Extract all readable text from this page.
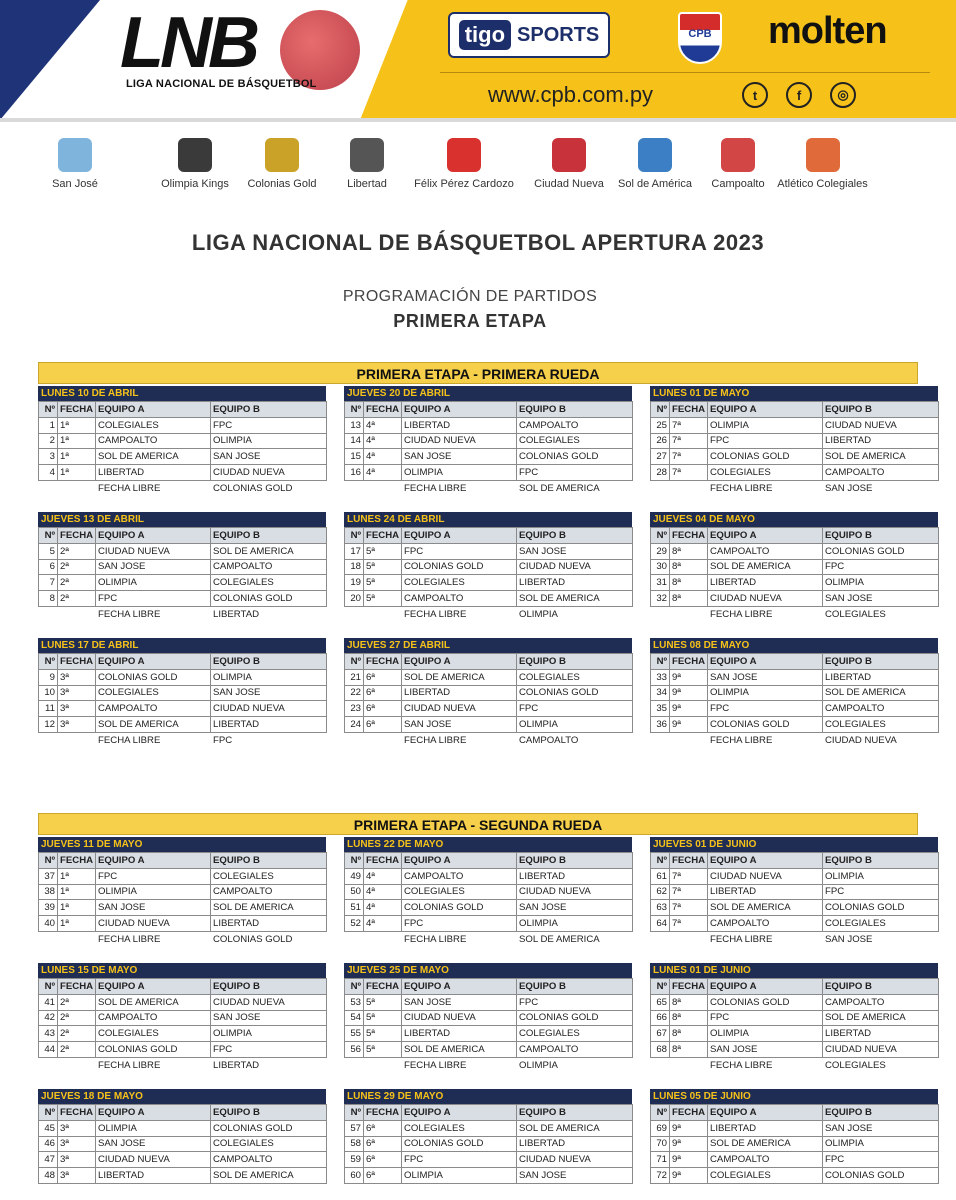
LNB
LIGA NACIONAL DE BÁSQUETBOL
tigo SPORTS	CPB molten
www.cpb.com.py	t	f	◎
San José	Olimpia Kings Colonias Gold	Libertad Félix Pérez Cardozo Ciudad Nueva Sol de América Campoalto Atlético Colegiales
LIGA NACIONAL DE BÁSQUETBOL APERTURA 2023
PROGRAMACIÓN DE PARTIDOS
PRIMERA ETAPA
PRIMERA ETAPA - PRIMERA RUEDA
LUNES 10 DE ABRIL
Nº	FECHA	EQUIPO A	EQUIPO B
1	1ª	COLEGIALES	FPC
2	1ª	CAMPOALTO	OLIMPIA
3	1ª	SOL DE AMERICA	SAN JOSE
4	1ª	LIBERTAD	CIUDAD NUEVA
FECHA LIBRE	COLONIAS GOLD
JUEVES 20 DE ABRIL
Nº	FECHA	EQUIPO A	EQUIPO B
13	4ª	LIBERTAD	CAMPOALTO
14	4ª	CIUDAD NUEVA	COLEGIALES
15	4ª	SAN JOSE	COLONIAS GOLD
16	4ª	OLIMPIA	FPC
FECHA LIBRE	SOL DE AMERICA
LUNES 01 DE MAYO
Nº	FECHA	EQUIPO A	EQUIPO B
25	7ª	OLIMPIA	CIUDAD NUEVA
26	7ª	FPC	LIBERTAD
27	7ª	COLONIAS GOLD	SOL DE AMERICA
28	7ª	COLEGIALES	CAMPOALTO
FECHA LIBRE	SAN JOSE
JUEVES 13 DE ABRIL
Nº	FECHA	EQUIPO A	EQUIPO B
5	2ª	CIUDAD NUEVA	SOL DE AMERICA
6	2ª	SAN JOSE	CAMPOALTO
7	2ª	OLIMPIA	COLEGIALES
8	2ª	FPC	COLONIAS GOLD
FECHA LIBRE	LIBERTAD
LUNES 24 DE ABRIL
Nº	FECHA	EQUIPO A	EQUIPO B
17	5ª	FPC	SAN JOSE
18	5ª	COLONIAS GOLD	CIUDAD NUEVA
19	5ª	COLEGIALES	LIBERTAD
20	5ª	CAMPOALTO	SOL DE AMERICA
FECHA LIBRE	OLIMPIA
JUEVES 04 DE MAYO
Nº	FECHA	EQUIPO A	EQUIPO B
29	8ª	CAMPOALTO	COLONIAS GOLD
30	8ª	SOL DE AMERICA	FPC
31	8ª	LIBERTAD	OLIMPIA
32	8ª	CIUDAD NUEVA	SAN JOSE
FECHA LIBRE	COLEGIALES
LUNES 17 DE ABRIL
Nº	FECHA	EQUIPO A	EQUIPO B
9	3ª	COLONIAS GOLD	OLIMPIA
10	3ª	COLEGIALES	SAN JOSE
11	3ª	CAMPOALTO	CIUDAD NUEVA
12	3ª	SOL DE AMERICA	LIBERTAD
FECHA LIBRE	FPC
JUEVES 27 DE ABRIL
Nº	FECHA	EQUIPO A	EQUIPO B
21	6ª	SOL DE AMERICA	COLEGIALES
22	6ª	LIBERTAD	COLONIAS GOLD
23	6ª	CIUDAD NUEVA	FPC
24	6ª	SAN JOSE	OLIMPIA
FECHA LIBRE	CAMPOALTO
LUNES 08 DE MAYO
Nº	FECHA	EQUIPO A	EQUIPO B
33	9ª	SAN JOSE	LIBERTAD
34	9ª	OLIMPIA	SOL DE AMERICA
35	9ª	FPC	CAMPOALTO
36	9ª	COLONIAS GOLD	COLEGIALES
FECHA LIBRE	CIUDAD NUEVA
PRIMERA ETAPA - SEGUNDA RUEDA
JUEVES 11 DE MAYO
Nº	FECHA	EQUIPO A	EQUIPO B
37	1ª	FPC	COLEGIALES
38	1ª	OLIMPIA	CAMPOALTO
39	1ª	SAN JOSE	SOL DE AMERICA
40	1ª	CIUDAD NUEVA	LIBERTAD
FECHA LIBRE	COLONIAS GOLD
LUNES 22 DE MAYO
Nº	FECHA	EQUIPO A	EQUIPO B
49	4ª	CAMPOALTO	LIBERTAD
50	4ª	COLEGIALES	CIUDAD NUEVA
51	4ª	COLONIAS GOLD	SAN JOSE
52	4ª	FPC	OLIMPIA
FECHA LIBRE	SOL DE AMERICA
JUEVES 01 DE JUNIO
Nº	FECHA	EQUIPO A	EQUIPO B
61	7ª	CIUDAD NUEVA	OLIMPIA
62	7ª	LIBERTAD	FPC
63	7ª	SOL DE AMERICA	COLONIAS GOLD
64	7ª	CAMPOALTO	COLEGIALES
FECHA LIBRE	SAN JOSE
LUNES 15 DE MAYO
Nº	FECHA	EQUIPO A	EQUIPO B
41	2ª	SOL DE AMERICA	CIUDAD NUEVA
42	2ª	CAMPOALTO	SAN JOSE
43	2ª	COLEGIALES	OLIMPIA
44	2ª	COLONIAS GOLD	FPC
FECHA LIBRE	LIBERTAD
JUEVES 25 DE MAYO
Nº	FECHA	EQUIPO A	EQUIPO B
53	5ª	SAN JOSE	FPC
54	5ª	CIUDAD NUEVA	COLONIAS GOLD
55	5ª	LIBERTAD	COLEGIALES
56	5ª	SOL DE AMERICA	CAMPOALTO
FECHA LIBRE	OLIMPIA
LUNES 01 DE JUNIO
Nº	FECHA	EQUIPO A	EQUIPO B
65	8ª	COLONIAS GOLD	CAMPOALTO
66	8ª	FPC	SOL DE AMERICA
67	8ª	OLIMPIA	LIBERTAD
68	8ª	SAN JOSE	CIUDAD NUEVA
FECHA LIBRE	COLEGIALES
JUEVES 18 DE MAYO
Nº	FECHA	EQUIPO A	EQUIPO B
45	3ª	OLIMPIA	COLONIAS GOLD
46	3ª	SAN JOSE	COLEGIALES
47	3ª	CIUDAD NUEVA	CAMPOALTO
48	3ª	LIBERTAD	SOL DE AMERICA
LUNES 29 DE MAYO
Nº	FECHA	EQUIPO A	EQUIPO B
57	6ª	COLEGIALES	SOL DE AMERICA
58	6ª	COLONIAS GOLD	LIBERTAD
59	6ª	FPC	CIUDAD NUEVA
60	6ª	OLIMPIA	SAN JOSE
LUNES 05 DE JUNIO
Nº	FECHA	EQUIPO A	EQUIPO B
69	9ª	LIBERTAD	SAN JOSE
70	9ª	SOL DE AMERICA	OLIMPIA
71	9ª	CAMPOALTO	FPC
72	9ª	COLEGIALES	COLONIAS GOLD
